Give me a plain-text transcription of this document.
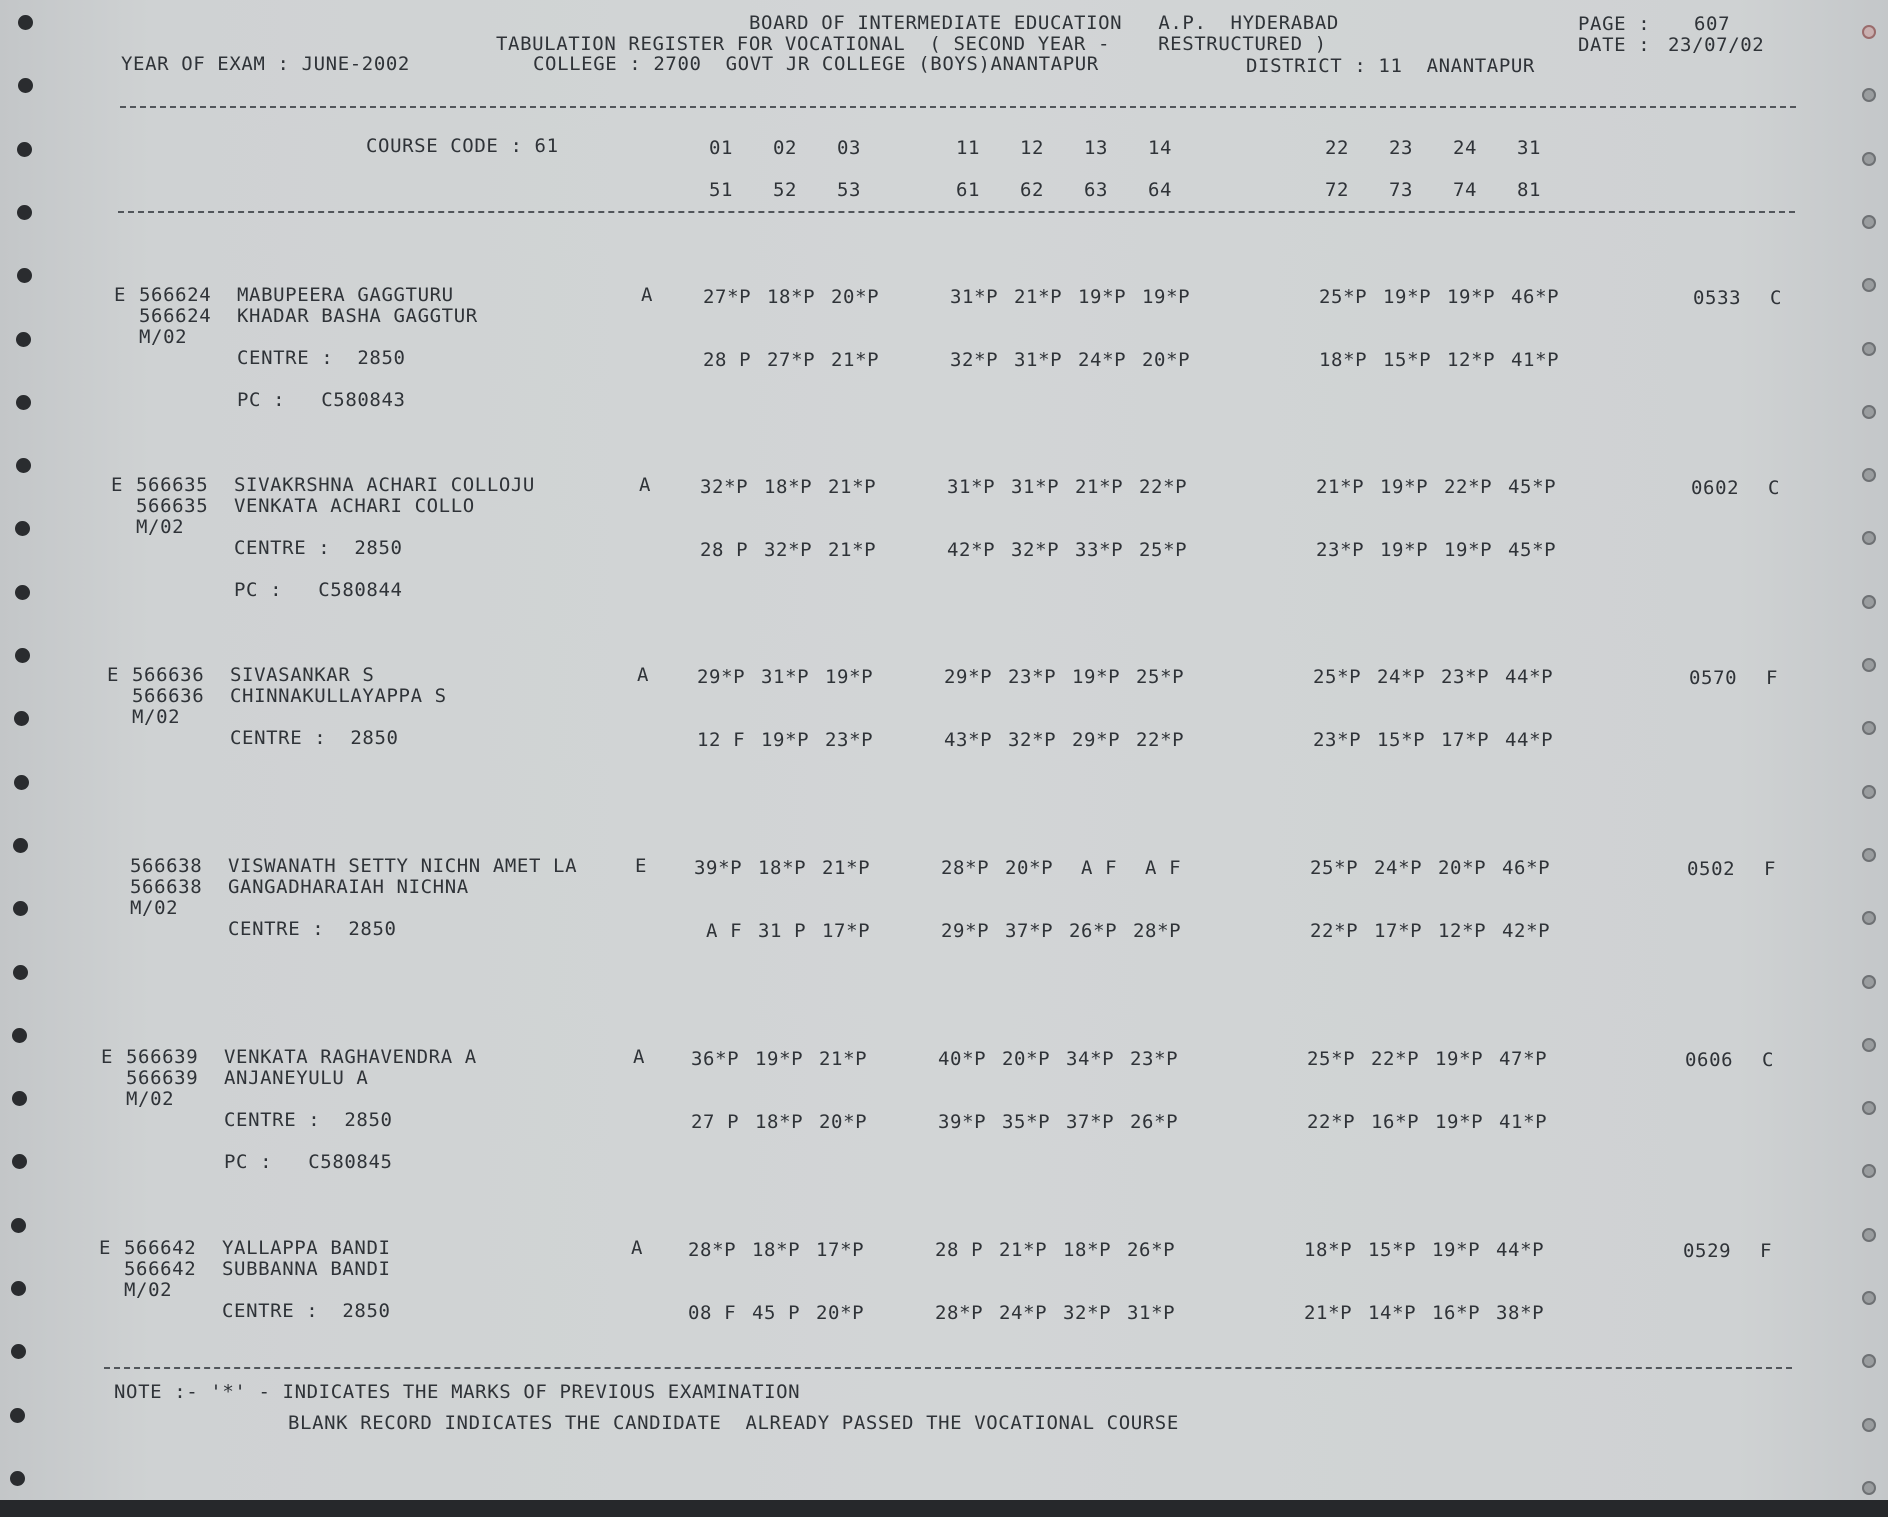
BOARD OF INTERMEDIATE EDUCATION   A.P.  HYDERABAD
TABULATION REGISTER FOR VOCATIONAL  ( SECOND YEAR -    RESTRUCTURED )
YEAR OF EXAM : JUNE-2002	COLLEGE : 2700  GOVT JR COLLEGE (BOYS)ANANTAPUR	DISTRICT : 11  ANANTAPUR
PAGE : 607
DATE : 23/07/02
COURSE CODE : 61	01 02 03	11 12 13 14	22 23 24 31
51 52 53	61 62 63 64	72 73 74 81
E 566624
566624
M/02
MABUPEERA GAGGTURU
KHADAR BASHA GAGGTUR
CENTRE :  2850
PC :   C580843
A	27*P 18*P 20*P	31*P 21*P 19*P 19*P	25*P 19*P 19*P 46*P
28 P 27*P 21*P	32*P 31*P 24*P 20*P	18*P 15*P 12*P 41*P
0533 C
E 566635
566635
M/02
SIVAKRSHNA ACHARI COLLOJU
VENKATA ACHARI COLLO
CENTRE :  2850
PC :   C580844
A	32*P 18*P 21*P	31*P 31*P 21*P 22*P	21*P 19*P 22*P 45*P
28 P 32*P 21*P	42*P 32*P 33*P 25*P	23*P 19*P 19*P 45*P
0602 C
E 566636
566636
M/02
SIVASANKAR S
CHINNAKULLAYAPPA S
CENTRE :  2850
A	29*P 31*P 19*P	29*P 23*P 19*P 25*P	25*P 24*P 23*P 44*P
12 F 19*P 23*P	43*P 32*P 29*P 22*P	23*P 15*P 17*P 44*P
0570 F
566638
566638
M/02
VISWANATH SETTY NICHN AMET LA
GANGADHARAIAH NICHNA
CENTRE :  2850
E 39*P 18*P 21*P	28*P 20*P A F A F	25*P 24*P 20*P 46*P
A F 31 P 17*P	29*P 37*P 26*P 28*P	22*P 17*P 12*P 42*P
0502 F
E 566639
566639
M/02
VENKATA RAGHAVENDRA A
ANJANEYULU A
CENTRE :  2850
PC :   C580845
A 36*P 19*P 21*P	40*P 20*P 34*P 23*P	25*P 22*P 19*P 47*P
27 P 18*P 20*P	39*P 35*P 37*P 26*P	22*P 16*P 19*P 41*P
0606 C
E 566642
566642
M/02
YALLAPPA BANDI
SUBBANNA BANDI
CENTRE :  2850
A 28*P 18*P 17*P	28 P 21*P 18*P 26*P	18*P 15*P 19*P 44*P
08 F 45 P 20*P	28*P 24*P 32*P 31*P	21*P 14*P 16*P 38*P
0529 F
NOTE :- '*' - INDICATES THE MARKS OF PREVIOUS EXAMINATION
BLANK RECORD INDICATES THE CANDIDATE  ALREADY PASSED THE VOCATIONAL COURSE
